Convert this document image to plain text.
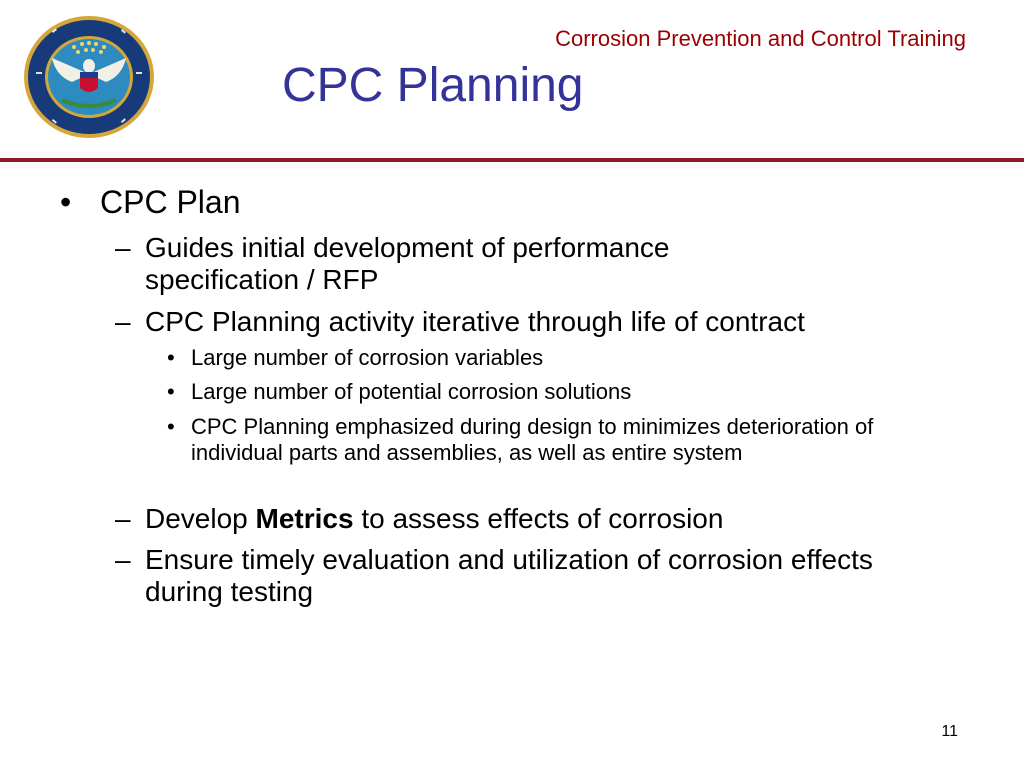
Corrosion Prevention and Control Training
CPC Planning
• CPC Plan
– Guides initial development of performance specification / RFP
– CPC Planning activity iterative through life of contract
• Large number of corrosion variables
• Large number of potential corrosion solutions
• CPC Planning emphasized during design to minimizes deterioration of individual parts and assemblies, as well as entire system
– Develop Metrics to assess effects of corrosion
– Ensure timely evaluation and utilization of corrosion effects during testing
11
